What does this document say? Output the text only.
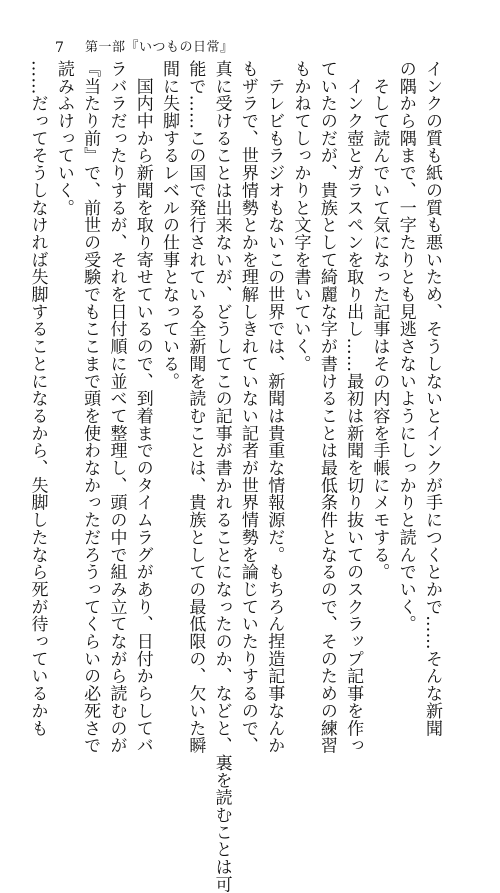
7 第一部『いつもの日常』
インクの質も紙の質も悪いため、そうしないとインクが手につくとかで……そんな新聞
の隅から隅まで、一字たりとも見逃さないようにしっかりと読んでいく。
　そして読んでいて気になった記事はその内容を手帳にメモする。
　インク壺とガラスペンを取り出し……最初は新聞を切り抜いてのスクラップ記事を作っ
ていたのだが、貴族として綺麗な字が書けることは最低条件となるので、そのための練習
もかねてしっかりと文字を書いていく。
　テレビもラジオもないこの世界では、新聞は貴重な情報源だ。もちろん捏造記事なんか
もザラで、世界情勢とかを理解しきれていない記者が世界情勢を論じていたりするので、
真に受けることは出来ないが、どうしてこの記事が書かれることになったのか、などと、裏を読むことは可
能で……この国で発行されている全新聞を読むことは、貴族としての最低限の、欠いた瞬
間に失脚するレベルの仕事となっている。
　国内中から新聞を取り寄せているので、到着までのタイムラグがあり、日付からしてバ
ラバラだったりするが、それを日付順に並べて整理し、頭の中で組み立てながら読むのが
『当たり前』で、前世の受験でもここまで頭を使わなかっただろうってくらいの必死さで
読みふけっていく。
……だってそうしなければ失脚することになるから、失脚したなら死が待っているかも
